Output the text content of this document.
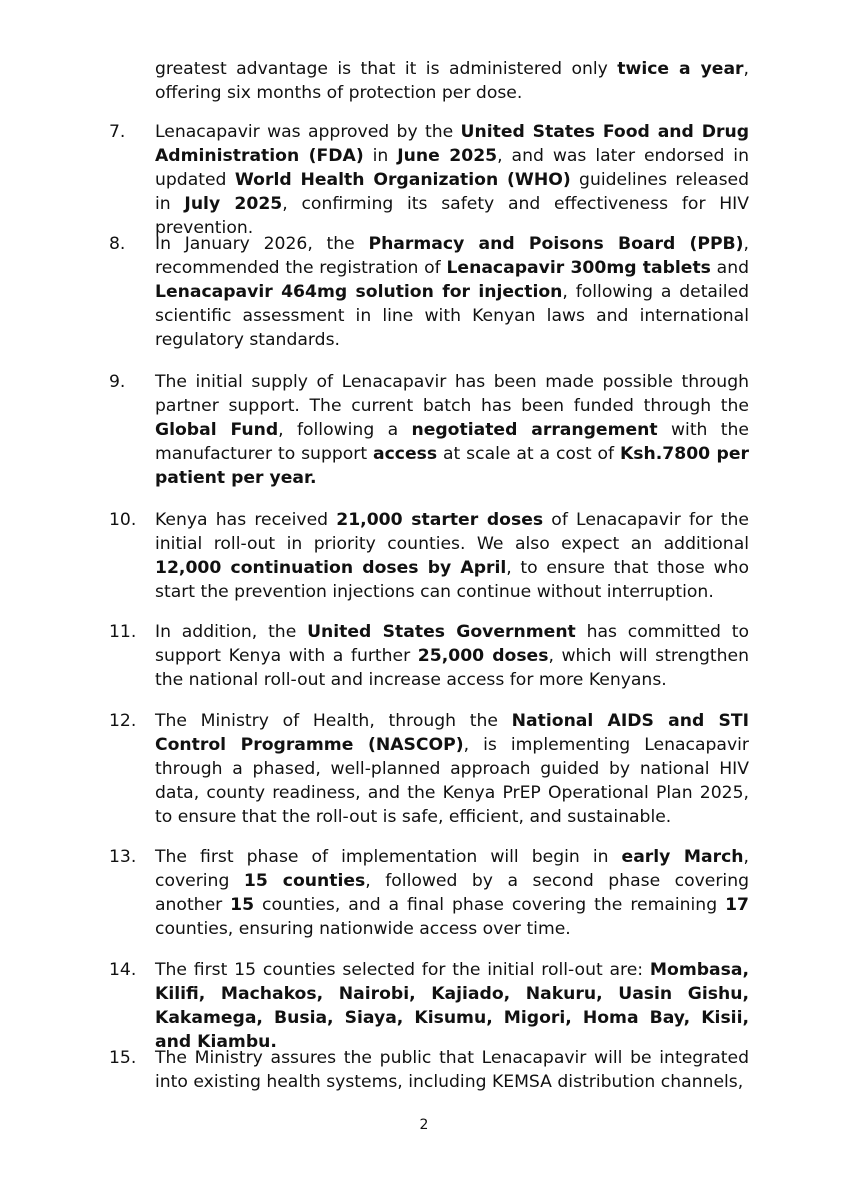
greatest advantage is that it is administered only twice a year, offering six months of protection per dose.
7.	Lenacapavir was approved by the United States Food and Drug Administration (FDA) in June 2025, and was later endorsed in updated World Health Organization (WHO) guidelines released in July 2025, confirming its safety and effectiveness for HIV prevention.
8.	In January 2026, the Pharmacy and Poisons Board (PPB), recommended the registration of Lenacapavir 300mg tablets and Lenacapavir 464mg solution for injection, following a detailed scientific assessment in line with Kenyan laws and international regulatory standards.
9.	The initial supply of Lenacapavir has been made possible through partner support. The current batch has been funded through the Global Fund, following a negotiated arrangement with the manufacturer to support access at scale at a cost of Ksh.7800 per patient per year.
10.	Kenya has received 21,000 starter doses of Lenacapavir for the initial roll-out in priority counties. We also expect an additional 12,000 continuation doses by April, to ensure that those who start the prevention injections can continue without interruption.
11.	In addition, the United States Government has committed to support Kenya with a further 25,000 doses, which will strengthen the national roll-out and increase access for more Kenyans.
12.	The Ministry of Health, through the National AIDS and STI Control Programme (NASCOP), is implementing Lenacapavir through a phased, well-planned approach guided by national HIV data, county readiness, and the Kenya PrEP Operational Plan 2025, to ensure that the roll-out is safe, efficient, and sustainable.
13.	The first phase of implementation will begin in early March, covering 15 counties, followed by a second phase covering another 15 counties, and a final phase covering the remaining 17 counties, ensuring nationwide access over time.
14.	The first 15 counties selected for the initial roll-out are: Mombasa, Kilifi, Machakos, Nairobi, Kajiado, Nakuru, Uasin Gishu, Kakamega, Busia, Siaya, Kisumu, Migori, Homa Bay, Kisii, and Kiambu.
15.	The Ministry assures the public that Lenacapavir will be integrated into existing health systems, including KEMSA distribution channels,
2
